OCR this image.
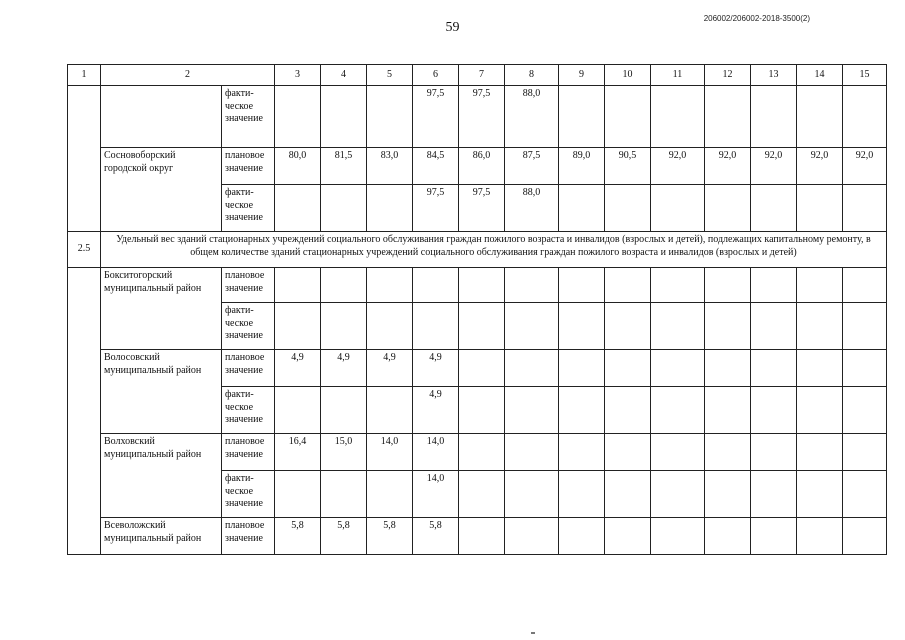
59
206002/206002-2018-3500(2)
1	2		3	4	5	6	7	8	9	10	11	12	13	14	15
		факти-
ческое
значение				97,5	97,5	88,0							
	Сосновоборский городской округ	плановое значение	80,0	81,5	83,0	84,5	86,0	87,5	89,0	90,5	92,0	92,0	92,0	92,0	92,0
		факти-
ческое
значение				97,5	97,5	88,0							
2.5	Удельный вес зданий стационарных учреждений социального обслуживания граждан пожилого возраста и инвалидов (взрослых и детей), подлежащих капитальному ремонту, в общем количестве зданий стационарных учреждений социального обслуживания граждан пожилого возраста и инвалидов (взрослых и детей)														
	Бокситогорский муниципальный район	плановое значение													
		факти-
ческое
значение													
	Волосовский муниципальный район	плановое значение	4,9	4,9	4,9	4,9									
		факти-
ческое
значение				4,9									
	Волховский муниципальный район	плановое значение	16,4	15,0	14,0	14,0									
		факти-
ческое
значение				14,0									
	Всеволожский муниципальный район	плановое значение	5,8	5,8	5,8	5,8									
